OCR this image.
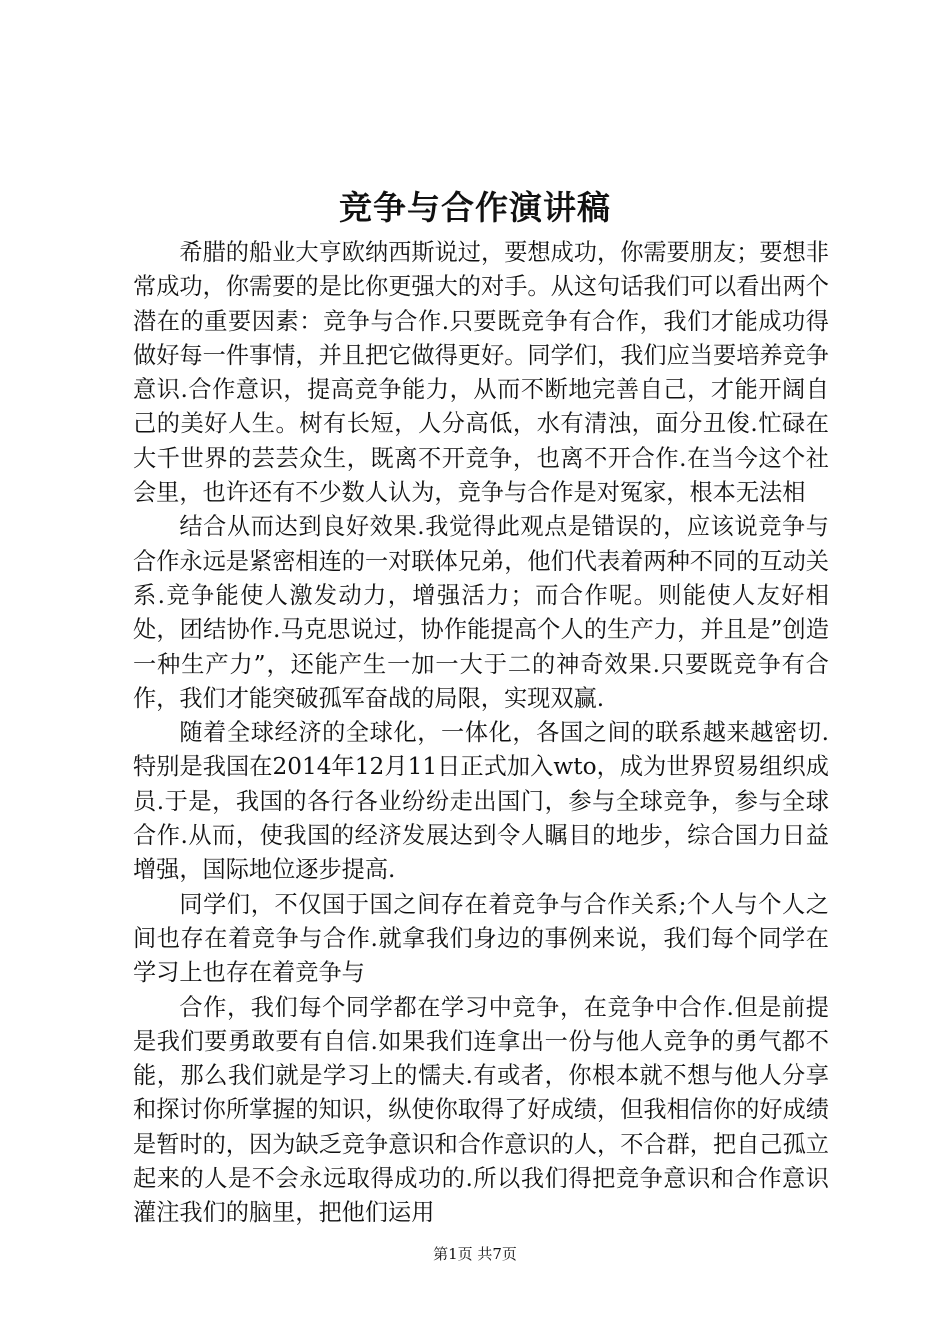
竞争与合作演讲稿

希腊的船业大亨欧纳西斯说过，要想成功，你需要朋友；要想非常成功，你需要的是比你更强大的对手。从这句话我们可以看出两个潜在的重要因素：竞争与合作.只要既竞争有合作，我们才能成功得做好每一件事情，并且把它做得更好。同学们，我们应当要培养竞争意识.合作意识，提高竞争能力，从而不断地完善自己，才能开阔自己的美好人生。树有长短，人分高低，水有清浊，面分丑俊.忙碌在大千世界的芸芸众生，既离不开竞争，也离不开合作.在当今这个社会里，也许还有不少数人认为，竞争与合作是对冤家，根本无法相

结合从而达到良好效果.我觉得此观点是错误的，应该说竞争与合作永远是紧密相连的一对联体兄弟，他们代表着两种不同的互动关系.竞争能使人激发动力，增强活力；而合作呢。则能使人友好相处，团结协作.马克思说过，协作能提高个人的生产力，并且是”创造一种生产力”，还能产生一加一大于二的神奇效果.只要既竞争有合作，我们才能突破孤军奋战的局限，实现双赢.

随着全球经济的全球化，一体化，各国之间的联系越来越密切.特别是我国在2014年12月11日正式加入wto，成为世界贸易组织成员.于是，我国的各行各业纷纷走出国门，参与全球竞争，参与全球合作.从而，使我国的经济发展达到令人瞩目的地步，综合国力日益增强，国际地位逐步提高.

同学们，不仅国于国之间存在着竞争与合作关系;个人与个人之间也存在着竞争与合作.就拿我们身边的事例来说，我们每个同学在学习上也存在着竞争与

合作，我们每个同学都在学习中竞争，在竞争中合作.但是前提是我们要勇敢要有自信.如果我们连拿出一份与他人竞争的勇气都不能，那么我们就是学习上的懦夫.有或者，你根本就不想与他人分享和探讨你所掌握的知识，纵使你取得了好成绩，但我相信你的好成绩是暂时的，因为缺乏竞争意识和合作意识的人，不合群，把自己孤立起来的人是不会永远取得成功的.所以我们得把竞争意识和合作意识灌注我们的脑里，把他们运用

第1页 共7页
